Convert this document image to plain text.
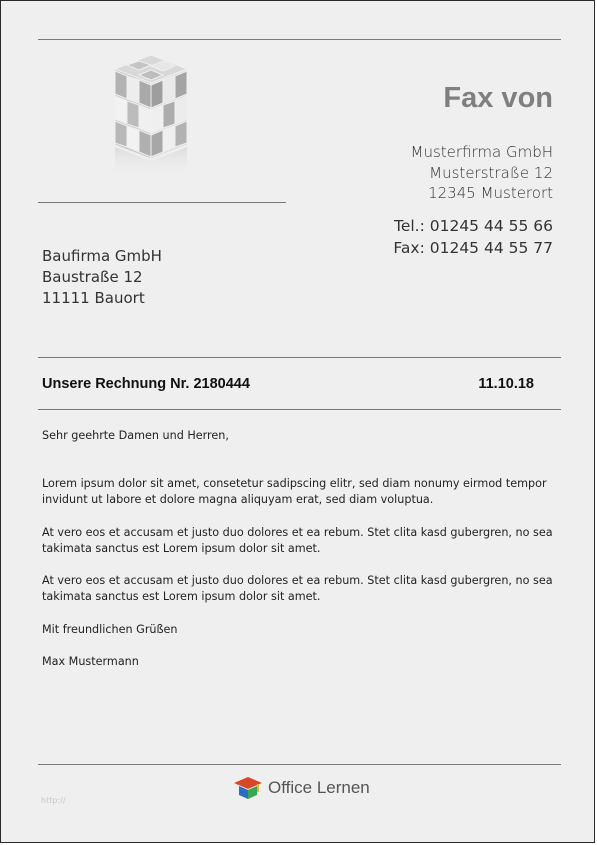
Fax von
Musterfirma GmbH
Musterstraße 12
12345 Musterort
Tel.: 01245 44 55 66
Fax: 01245 44 55 77
Baufirma GmbH
Baustraße 12
11111 Bauort
Unsere Rechnung Nr. 2180444	11.10.18
Sehr geehrte Damen und Herren,
Lorem ipsum dolor sit amet, consetetur sadipscing elitr, sed diam nonumy eirmod tempor invidunt ut labore et dolore magna aliquyam erat, sed diam voluptua.
At vero eos et accusam et justo duo dolores et ea rebum. Stet clita kasd gubergren, no sea takimata sanctus est Lorem ipsum dolor sit amet.
At vero eos et accusam et justo duo dolores et ea rebum. Stet clita kasd gubergren, no sea takimata sanctus est Lorem ipsum dolor sit amet.
Mit freundlichen Grüßen
Max Mustermann
http://
Office Lernen
